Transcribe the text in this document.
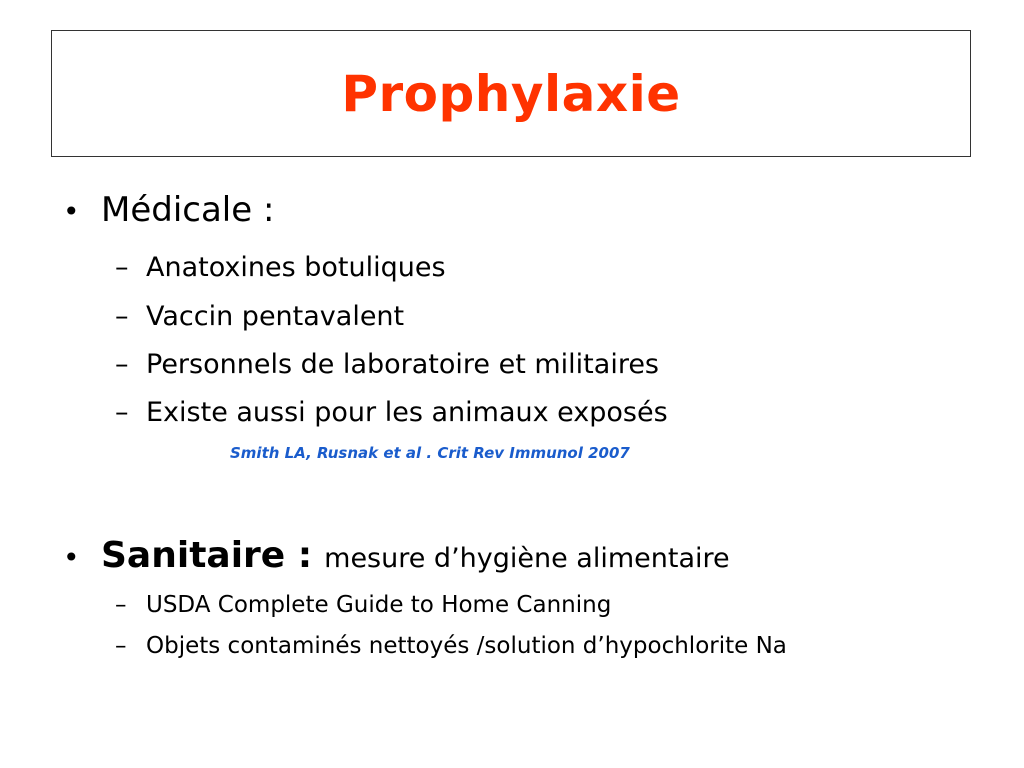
Prophylaxie
• Médicale :
– Anatoxines botuliques
– Vaccin pentavalent
– Personnels de laboratoire et militaires
– Existe aussi pour les animaux exposés
Smith LA, Rusnak et al . Crit Rev Immunol 2007
• Sanitaire : mesure d’hygiène alimentaire
– USDA Complete Guide to Home Canning
– Objets contaminés nettoyés /solution d’hypochlorite Na
